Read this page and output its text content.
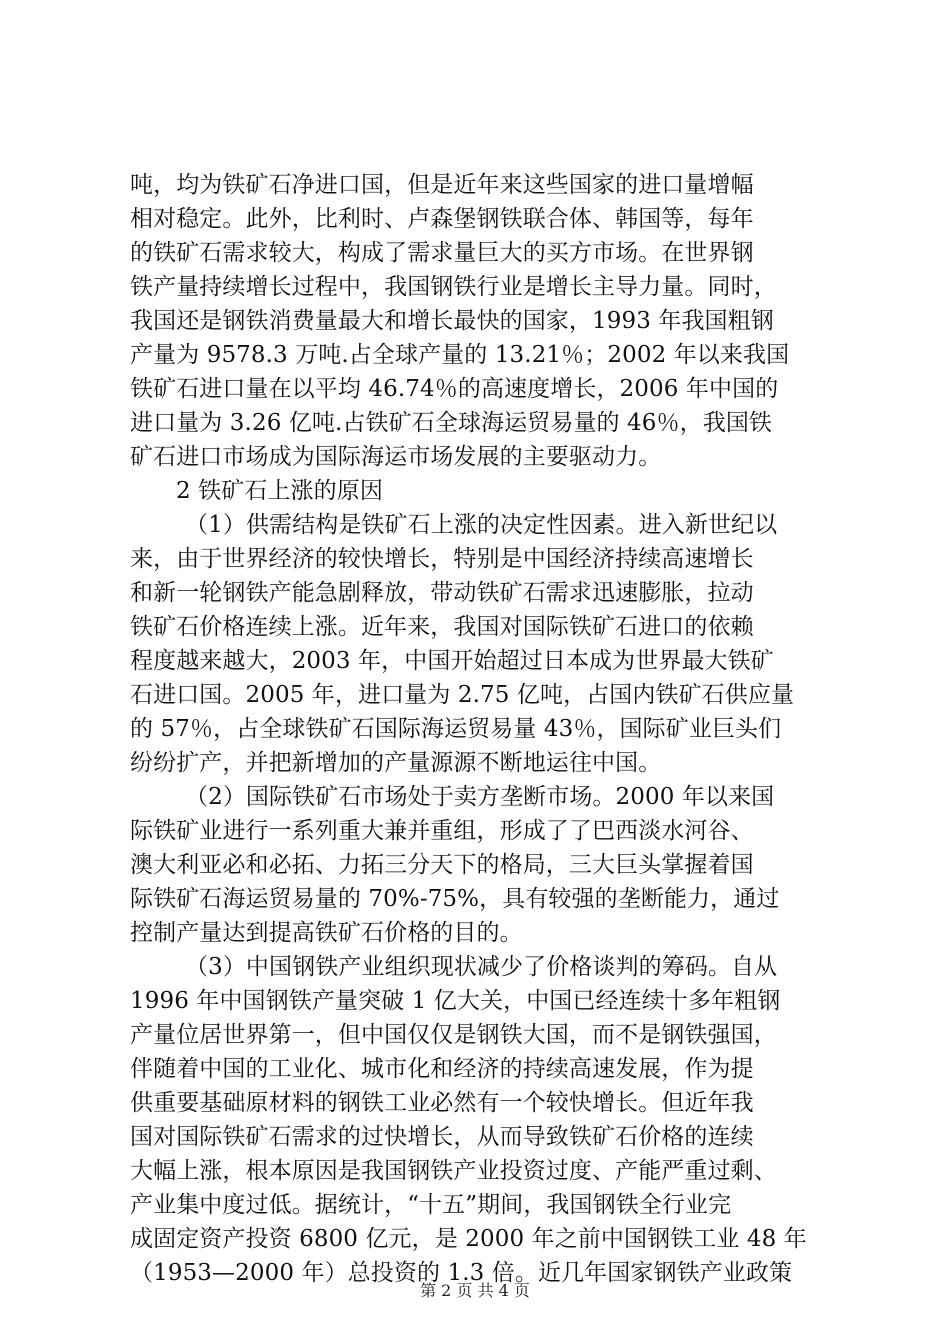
吨，均为铁矿石净进口国，但是近年来这些国家的进口量增幅
相对稳定。此外，比利时、卢森堡钢铁联合体、韩国等，每年
的铁矿石需求较大，构成了需求量巨大的买方市场。在世界钢
铁产量持续增长过程中，我国钢铁行业是增长主导力量。同时，
我国还是钢铁消费量最大和增长最快的国家，1993 年我国粗钢
产量为 9578.3 万吨.占全球产量的 13.21％；2002 年以来我国
铁矿石进口量在以平均 46.74％的高速度增长，2006 年中国的
进口量为 3.26 亿吨.占铁矿石全球海运贸易量的 46％，我国铁
矿石进口市场成为国际海运市场发展的主要驱动力。
2 铁矿石上涨的原因
（1）供需结构是铁矿石上涨的决定性因素。进入新世纪以
来，由于世界经济的较快增长，特别是中国经济持续高速增长
和新一轮钢铁产能急剧释放，带动铁矿石需求迅速膨胀，拉动
铁矿石价格连续上涨。近年来，我国对国际铁矿石进口的依赖
程度越来越大，2003 年，中国开始超过日本成为世界最大铁矿
石进口国。2005 年，进口量为 2.75 亿吨，占国内铁矿石供应量
的 57％，占全球铁矿石国际海运贸易量 43％，国际矿业巨头们
纷纷扩产，并把新增加的产量源源不断地运往中国。
（2）国际铁矿石市场处于卖方垄断市场。2000 年以来国
际铁矿业进行一系列重大兼并重组，形成了了巴西淡水河谷、
澳大利亚必和必拓、力拓三分天下的格局，三大巨头掌握着国
际铁矿石海运贸易量的 70%-75%，具有较强的垄断能力，通过
控制产量达到提高铁矿石价格的目的。
（3）中国钢铁产业组织现状减少了价格谈判的筹码。自从
1996 年中国钢铁产量突破 1 亿大关，中国已经连续十多年粗钢
产量位居世界第一，但中国仅仅是钢铁大国，而不是钢铁强国，
伴随着中国的工业化、城市化和经济的持续高速发展，作为提
供重要基础原材料的钢铁工业必然有一个较快增长。但近年我
国对国际铁矿石需求的过快增长，从而导致铁矿石价格的连续
大幅上涨，根本原因是我国钢铁产业投资过度、产能严重过剩、
产业集中度过低。据统计，“十五”期间，我国钢铁全行业完
成固定资产投资 6800 亿元，是 2000 年之前中国钢铁工业 48 年
（1953—2000 年）总投资的 1.3 倍。近几年国家钢铁产业政策
第 2 页 共 4 页
